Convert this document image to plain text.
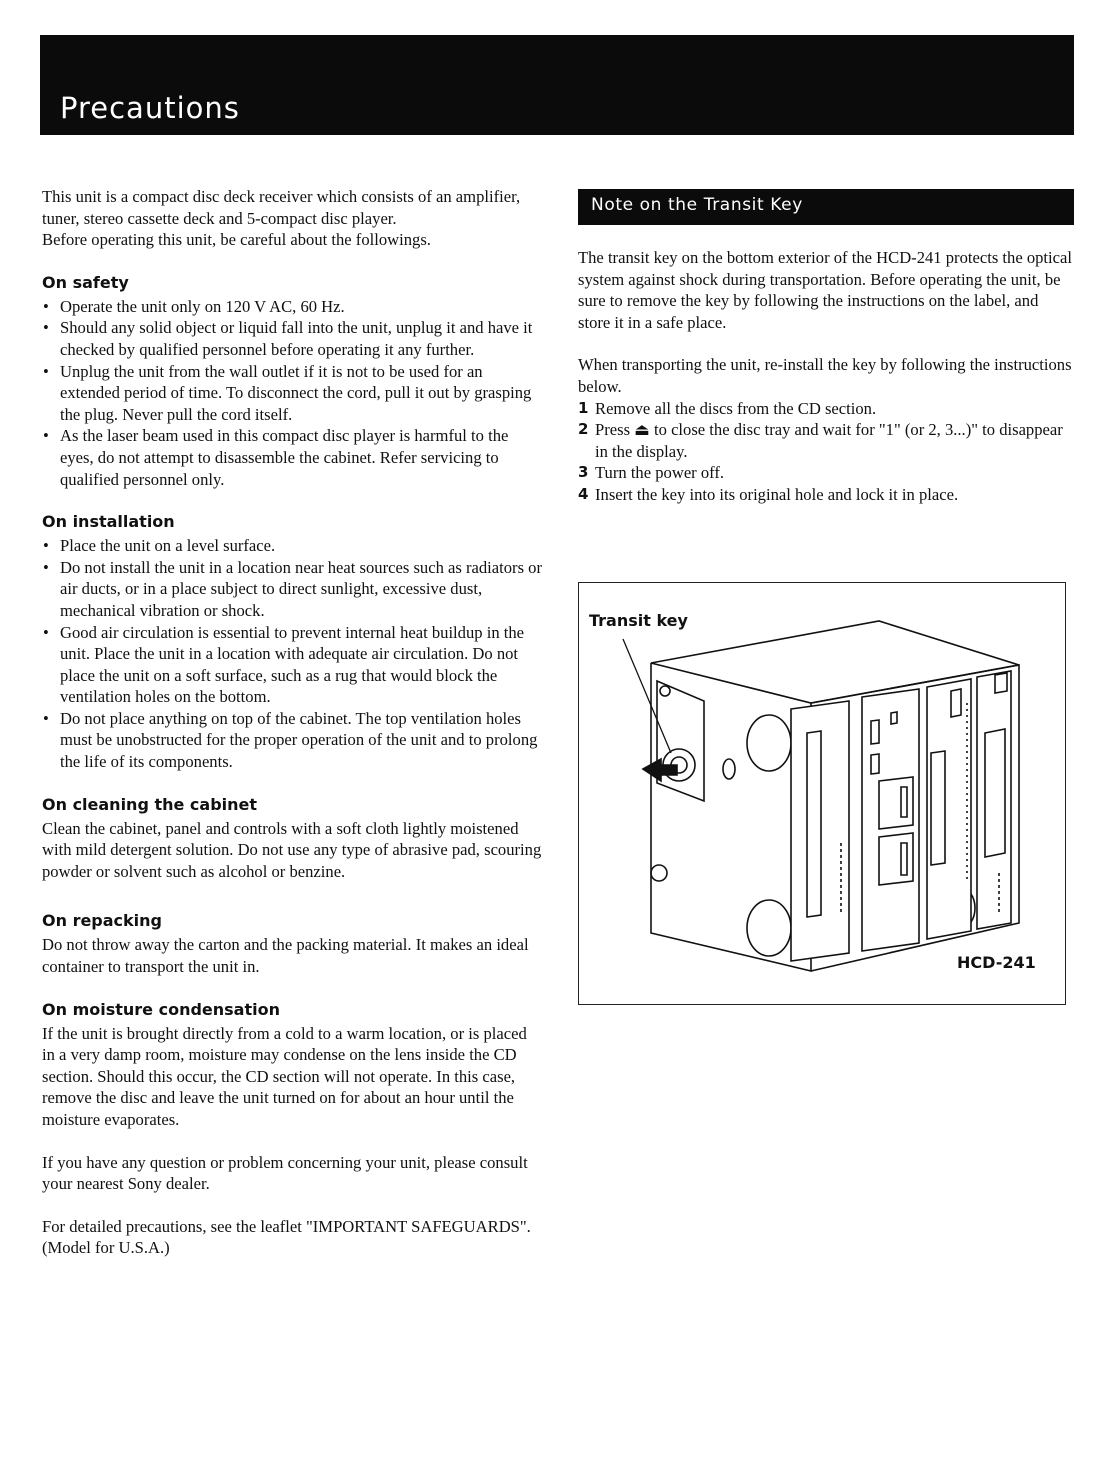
Precautions

This unit is a compact disc deck receiver which consists of an amplifier, tuner, stereo cassette deck and 5-compact disc player.

Before operating this unit, be careful about the followings.

On safety
• Operate the unit only on 120 V AC, 60 Hz.
• Should any solid object or liquid fall into the unit, unplug it and have it checked by qualified personnel before operating it any further.
• Unplug the unit from the wall outlet if it is not to be used for an extended period of time. To disconnect the cord, pull it out by grasping the plug. Never pull the cord itself.
• As the laser beam used in this compact disc player is harmful to the eyes, do not attempt to disassemble the cabinet. Refer servicing to qualified personnel only.
On installation
• Place the unit on a level surface.
• Do not install the unit in a location near heat sources such as radiators or air ducts, or in a place subject to direct sunlight, excessive dust, mechanical vibration or shock.
• Good air circulation is essential to prevent internal heat buildup in the unit. Place the unit in a location with adequate air circulation. Do not place the unit on a soft surface, such as a rug that would block the ventilation holes on the bottom.
• Do not place anything on top of the cabinet. The top ventilation holes must be unobstructed for the proper operation of the unit and to prolong the life of its components.
On cleaning the cabinet

Clean the cabinet, panel and controls with a soft cloth lightly moistened with mild detergent solution. Do not use any type of abrasive pad, scouring powder or solvent such as alcohol or benzine.

On repacking

Do not throw away the carton and the packing material. It makes an ideal container to transport the unit in.

On moisture condensation

If the unit is brought directly from a cold to a warm location, or is placed in a very damp room, moisture may condense on the lens inside the CD section. Should this occur, the CD section will not operate. In this case, remove the disc and leave the unit turned on for about an hour until the moisture evaporates.

If you have any question or problem concerning your unit, please consult your nearest Sony dealer.

For detailed precautions, see the leaflet "IMPORTANT SAFEGUARDS". (Model for U.S.A.)

Note on the Transit Key

The transit key on the bottom exterior of the HCD-241 protects the optical system against shock during transportation. Before operating the unit, be sure to remove the key by following the instructions on the label, and store it in a safe place.

When transporting the unit, re-install the key by following the instructions below.

1 Remove all the discs from the CD section.
2 Press ⏏ to close the disc tray and wait for "1" (or 2, 3...)" to disappear in the display.
3 Turn the power off.
4 Insert the key into its original hole and lock it in place.
Transit key
HCD-241
